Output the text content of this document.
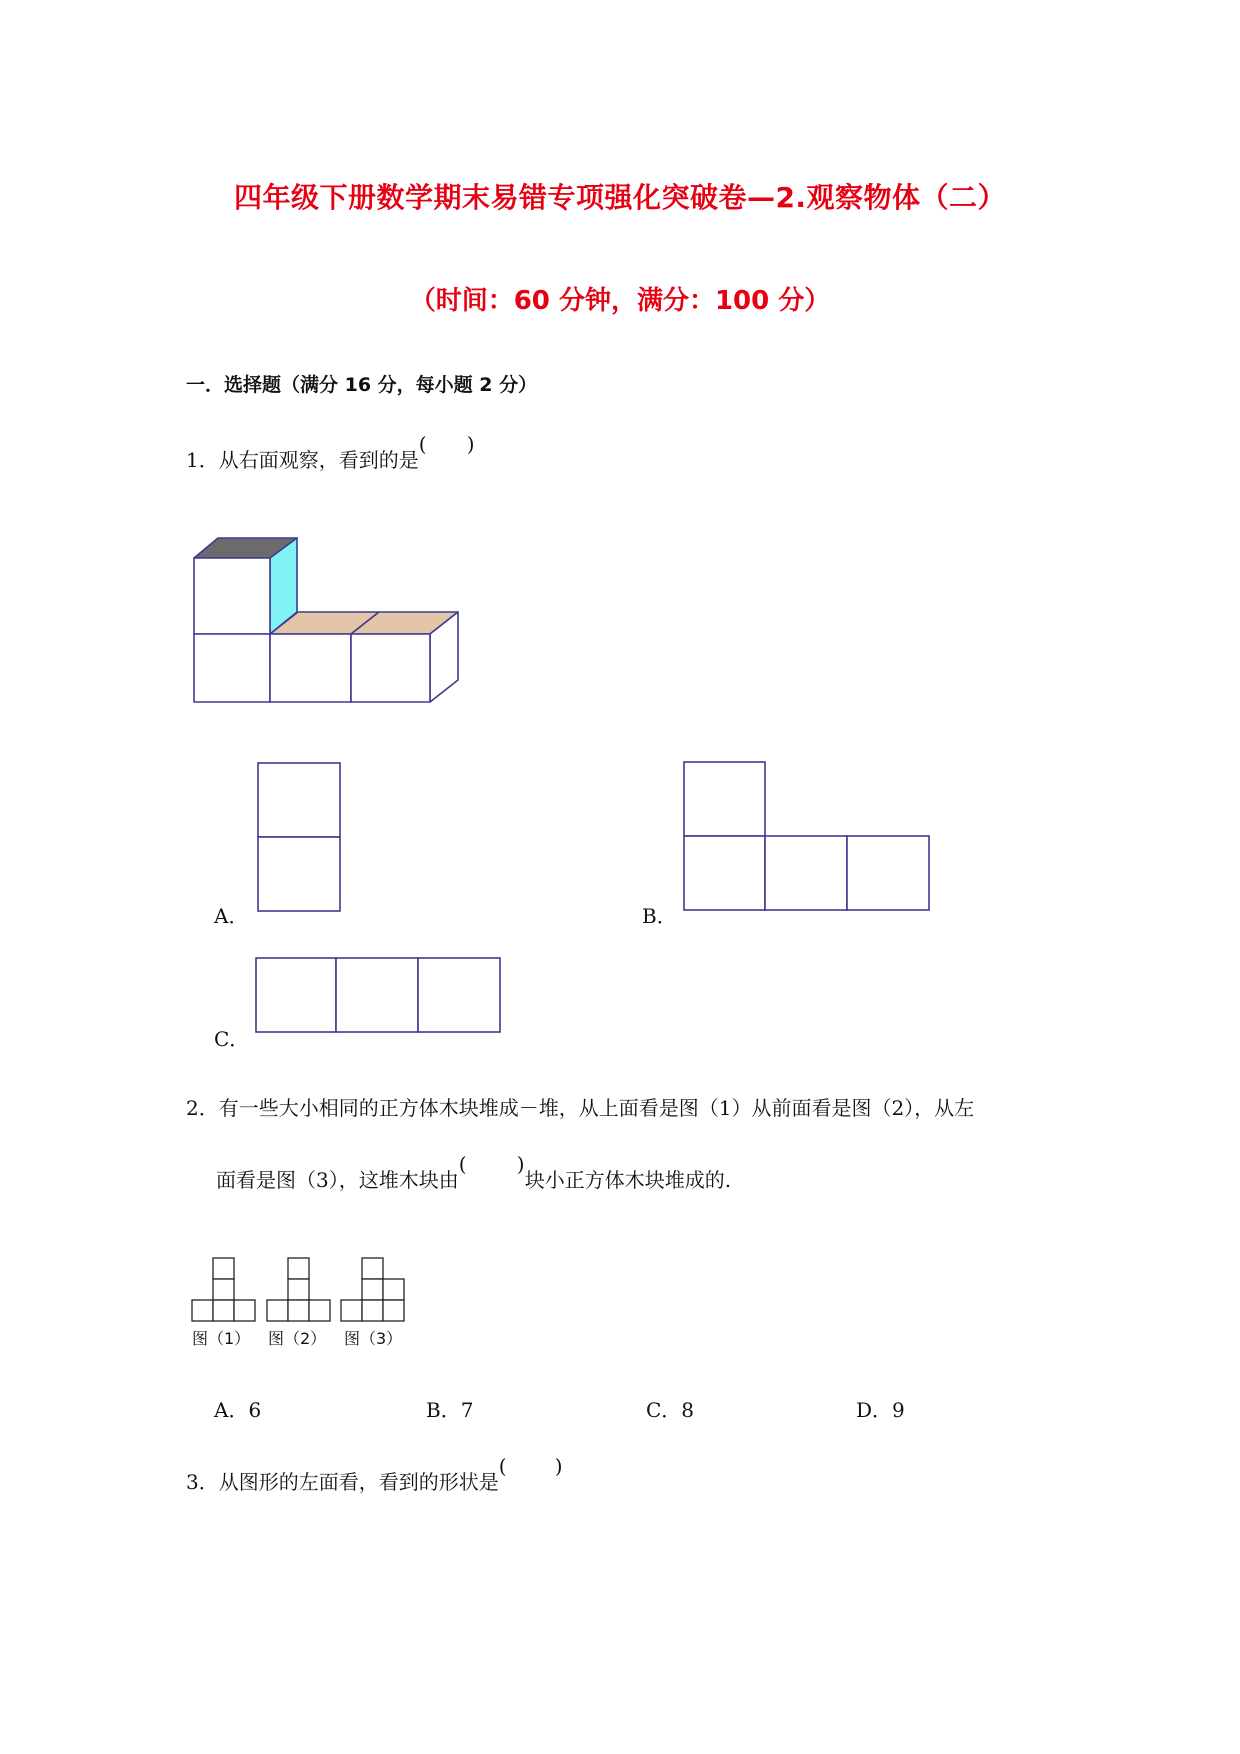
四年级下册数学期末易错专项强化突破卷—2.观察物体（二）
（时间：60 分钟，满分：100 分）
一．选择题（满分 16 分，每小题 2 分）
1．从右面观察，看到的是
( )
A．	B．
C．
2．有一些大小相同的正方体木块堆成－堆，从上面看是图（1）从前面看是图（2），从左
面看是图（3），这堆木块由
(	)
块小正方体木块堆成的.
图（1） 图（2） 图（3）
A．6	B．7	C．8	D．9
3．从图形的左面看，看到的形状是
( )
